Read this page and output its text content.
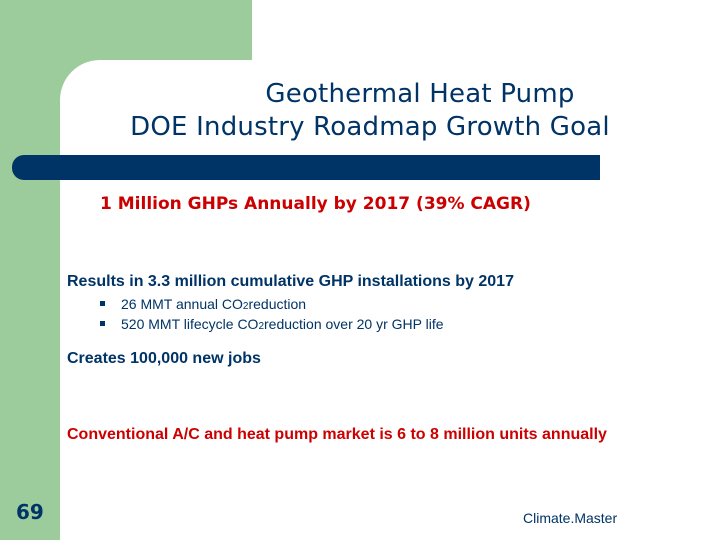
Geothermal Heat Pump
DOE Industry Roadmap Growth Goal
1 Million GHPs Annually by 2017 (39% CAGR)
Results in 3.3 million cumulative GHP installations by 2017
26 MMT annual CO 2 reduction
520 MMT lifecycle CO 2 reduction over 20 yr GHP life
Creates 100,000 new jobs
Conventional A/C and heat pump market is 6 to 8 million units annually
69	Climate.Master
